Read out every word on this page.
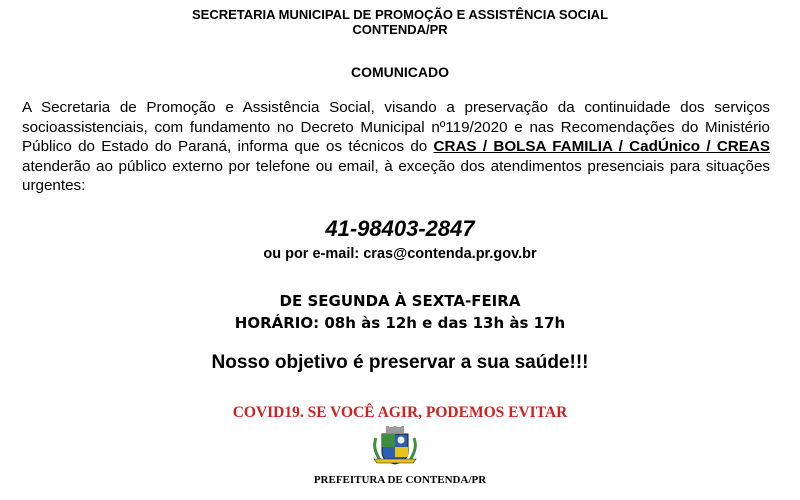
SECRETARIA MUNICIPAL DE PROMOÇÃO E ASSISTÊNCIA SOCIAL
CONTENDA/PR
COMUNICADO
A Secretaria de Promoção e Assistência Social, visando a preservação da continuidade dos serviços socioassistenciais, com fundamento no Decreto Municipal nº119/2020 e nas Recomendações do Ministério Público do Estado do Paraná, informa que os técnicos do CRAS / BOLSA FAMILIA / CadÚnico / CREAS atenderão ao público externo por telefone ou email, à exceção dos atendimentos presenciais para situações urgentes:
41-98403-2847
ou por e-mail: cras@contenda.pr.gov.br
DE SEGUNDA À SEXTA-FEIRA
HORÁRIO: 08h às 12h e das 13h às 17h
Nosso objetivo é preservar a sua saúde!!!
COVID19. SE VOCÊ AGIR, PODEMOS EVITAR
PREFEITURA DE CONTENDA/PR
